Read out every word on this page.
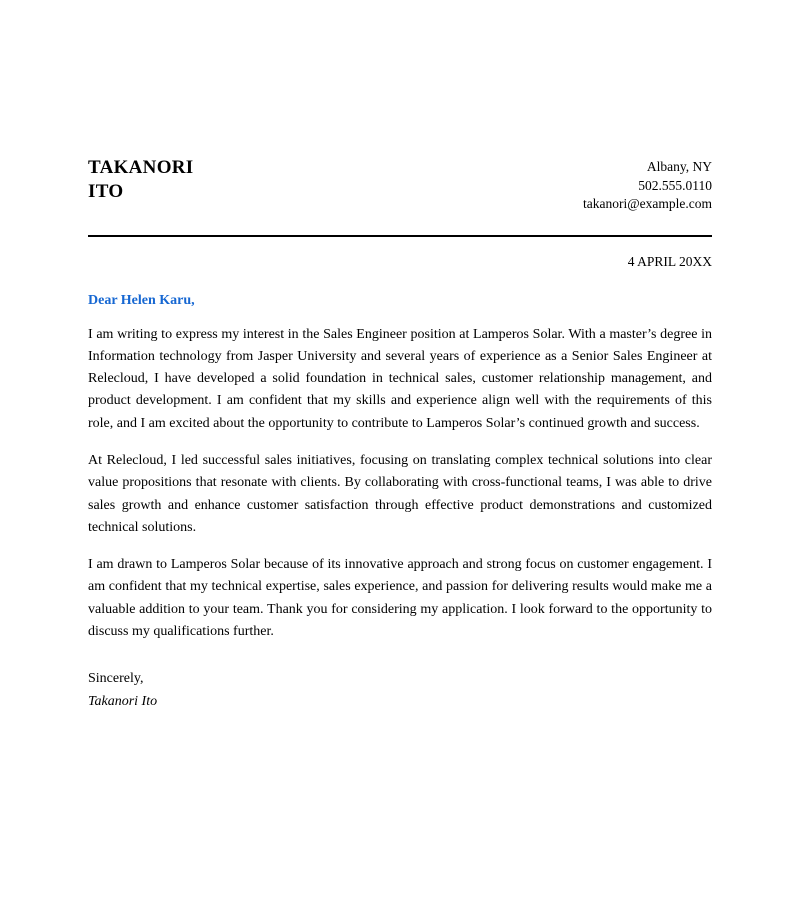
TAKANORI
ITO
Albany, NY
502.555.0110
takanori@example.com
4 APRIL 20XX
Dear Helen Karu,

I am writing to express my interest in the Sales Engineer position at Lamperos Solar. With a master’s degree in Information technology from Jasper University and several years of experience as a Senior Sales Engineer at Relecloud, I have developed a solid foundation in technical sales, customer relationship management, and product development. I am confident that my skills and experience align well with the requirements of this role, and I am excited about the opportunity to contribute to Lamperos Solar’s continued growth and success.

At Relecloud, I led successful sales initiatives, focusing on translating complex technical solutions into clear value propositions that resonate with clients. By collaborating with cross-functional teams, I was able to drive sales growth and enhance customer satisfaction through effective product demonstrations and customized technical solutions.

I am drawn to Lamperos Solar because of its innovative approach and strong focus on customer engagement. I am confident that my technical expertise, sales experience, and passion for delivering results would make me a valuable addition to your team. Thank you for considering my application. I look forward to the opportunity to discuss my qualifications further.

Sincerely,
Takanori Ito
